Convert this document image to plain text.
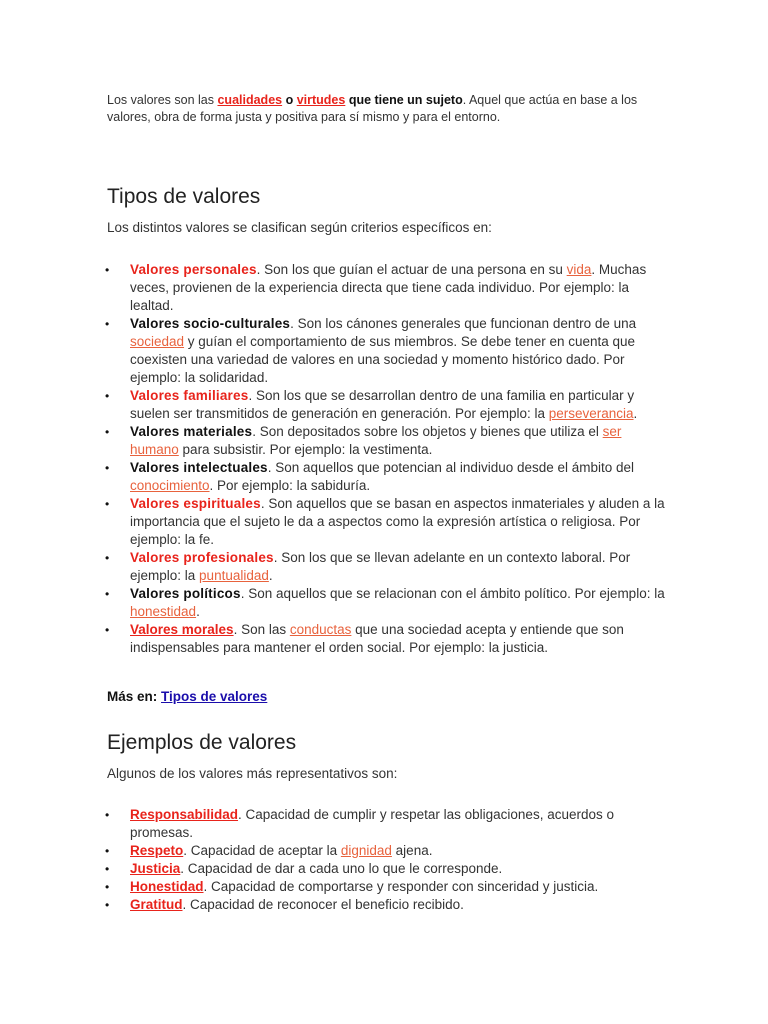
Los valores son las cualidades o virtudes que tiene un sujeto. Aquel que actúa en base a los valores, obra de forma justa y positiva para sí mismo y para el entorno.

Tipos de valores

Los distintos valores se clasifican según criterios específicos en:

• Valores personales. Son los que guían el actuar de una persona en su vida. Muchas veces, provienen de la experiencia directa que tiene cada individuo. Por ejemplo: la lealtad.
• Valores socio-culturales. Son los cánones generales que funcionan dentro de una sociedad y guían el comportamiento de sus miembros. Se debe tener en cuenta que coexisten una variedad de valores en una sociedad y momento histórico dado. Por ejemplo: la solidaridad.
• Valores familiares. Son los que se desarrollan dentro de una familia en particular y suelen ser transmitidos de generación en generación. Por ejemplo: la perseverancia.
• Valores materiales. Son depositados sobre los objetos y bienes que utiliza el ser humano para subsistir. Por ejemplo: la vestimenta.
• Valores intelectuales. Son aquellos que potencian al individuo desde el ámbito del conocimiento. Por ejemplo: la sabiduría.
• Valores espirituales. Son aquellos que se basan en aspectos inmateriales y aluden a la importancia que el sujeto le da a aspectos como la expresión artística o religiosa. Por ejemplo: la fe.
• Valores profesionales. Son los que se llevan adelante en un contexto laboral. Por ejemplo: la puntualidad.
• Valores políticos. Son aquellos que se relacionan con el ámbito político. Por ejemplo: la honestidad.
• Valores morales. Son las conductas que una sociedad acepta y entiende que son indispensables para mantener el orden social. Por ejemplo: la justicia.

Más en: Tipos de valores

Ejemplos de valores

Algunos de los valores más representativos son:

• Responsabilidad. Capacidad de cumplir y respetar las obligaciones, acuerdos o promesas.
• Respeto. Capacidad de aceptar la dignidad ajena.
• Justicia. Capacidad de dar a cada uno lo que le corresponde.
• Honestidad. Capacidad de comportarse y responder con sinceridad y justicia.
• Gratitud. Capacidad de reconocer el beneficio recibido.
